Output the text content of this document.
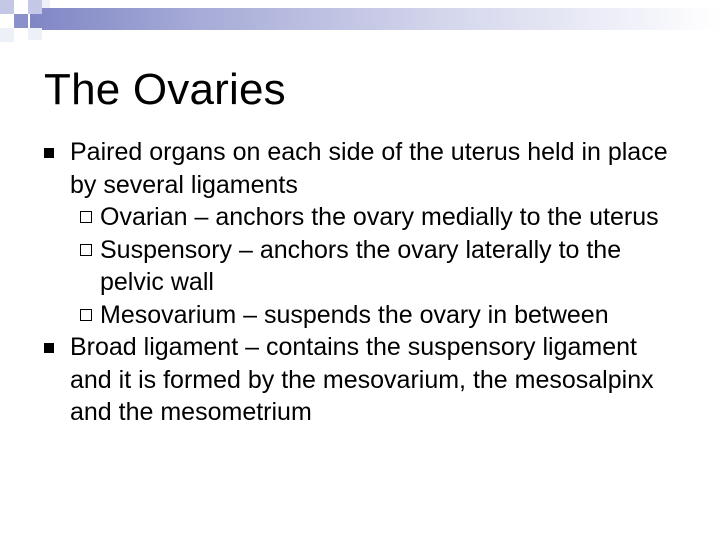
The Ovaries
Paired organs on each side of the uterus held in place by several ligaments
Ovarian – anchors the ovary medially to the uterus
Suspensory – anchors the ovary laterally to the pelvic wall
Mesovarium – suspends the ovary in between
Broad ligament – contains the suspensory ligament and it is formed by the mesovarium, the mesosalpinx and the mesometrium
